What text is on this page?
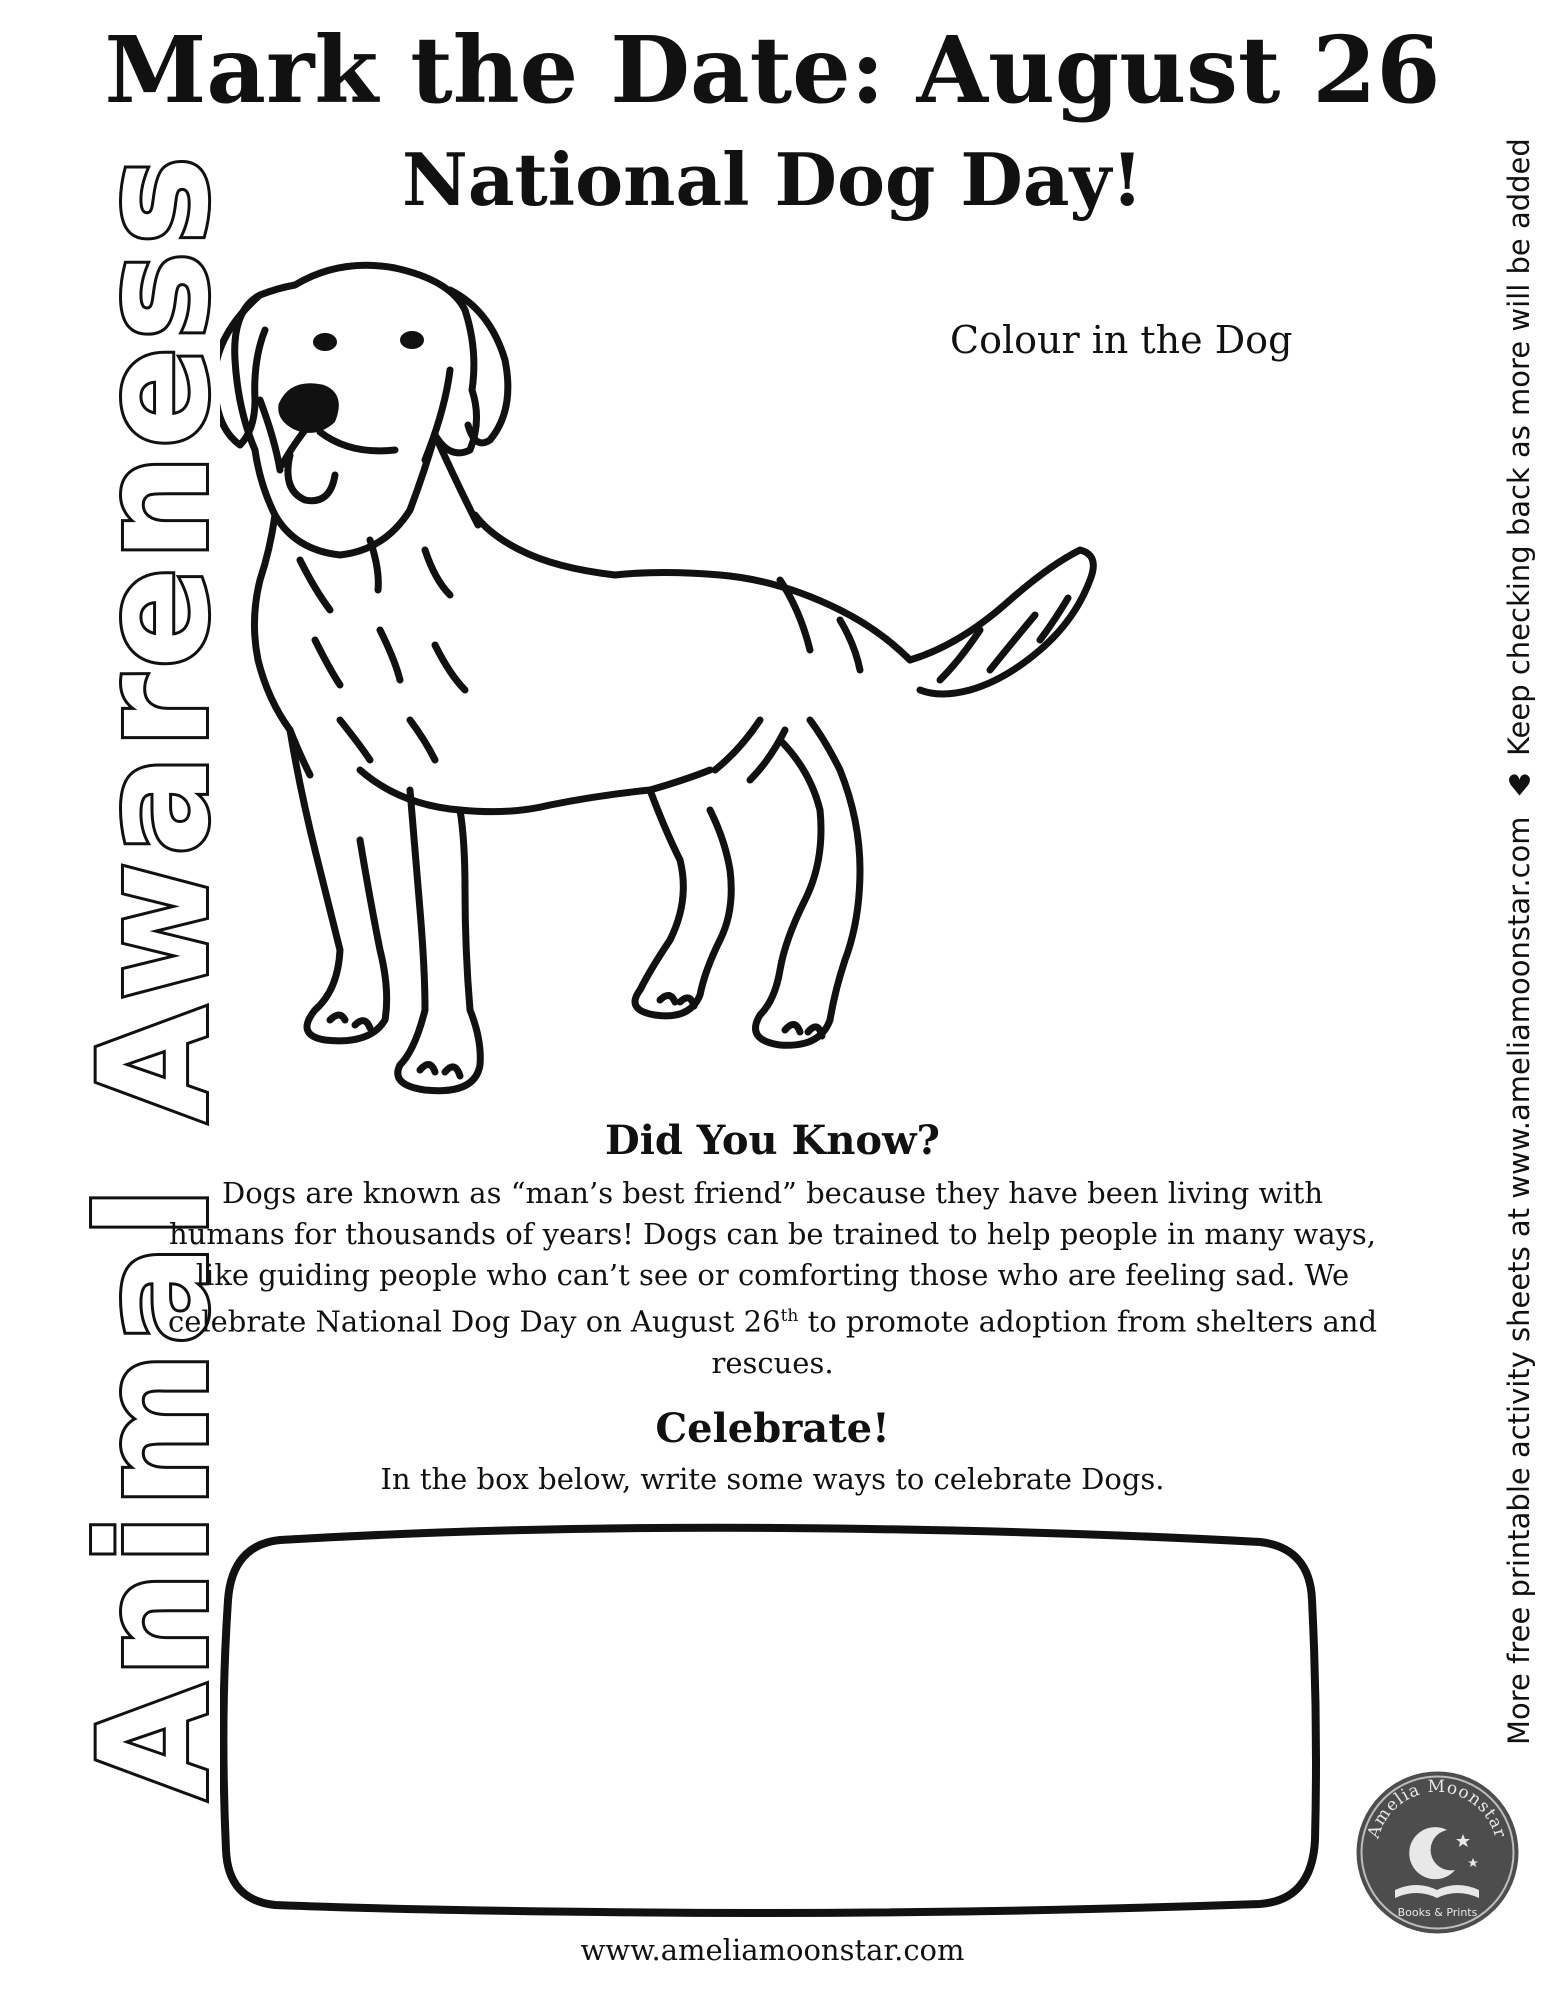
Mark the Date: August 26
National Dog Day!
Animal Awareness	More free printable activity sheets at www.ameliamoonstar.com ♥ Keep checking back as more will be added
Colour in the Dog
Did You Know?
Dogs are known as “man’s best friend” because they have been living with humans for thousands of years! Dogs can be trained to help people in many ways, like guiding people who can’t see or comforting those who are feeling sad. We celebrate National Dog Day on August 26th to promote adoption from shelters and rescues.
Celebrate!
In the box below, write some ways to celebrate Dogs.
www.ameliamoonstar.com
Amelia Moonstar
Books & Prints
